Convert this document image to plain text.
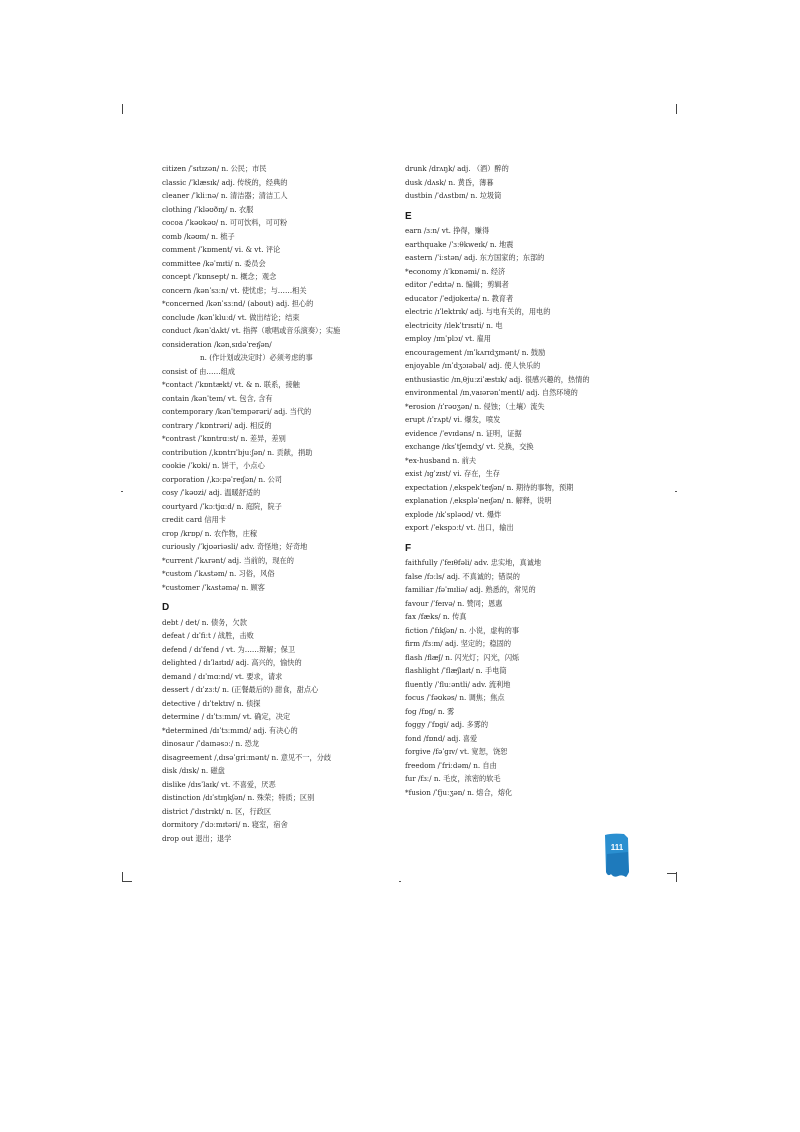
citizen /ˈsɪtɪzən/ n. 公民；市民
classic /ˈklæsɪk/ adj. 传统的，经典的
cleaner /ˈkliːnə/ n. 清洁器；清洁工人
clothing /ˈkləʊðɪŋ/ n. 衣服
cocoa /ˈkəʊkəʊ/ n. 可可饮料，可可粉
comb /kəʊm/ n. 梳子
comment /ˈkɒment/ vi. & vt. 评论
committee /kəˈmɪti/ n. 委员会
concept /ˈkɒnsept/ n. 概念；观念
concern /kənˈsɜːn/ vt. 使忧虑；与……相关
*concerned /kənˈsɜːnd/ (about) adj. 担心的
conclude /kənˈkluːd/ vt. 做出结论；结束
conduct /kənˈdʌkt/ vt. 指挥（歌唱或音乐演奏）；实施
consideration /kənˌsɪdəˈreɪʃən/
n. (作计划或决定时）必须考虑的事
consist of 由……组成
*contact /ˈkɒntækt/ vt. & n. 联系，接触
contain /kənˈteɪn/ vt. 包含, 含有
contemporary /kənˈtempərəri/ adj. 当代的
contrary /ˈkɒntrəri/ adj. 相反的
*contrast /ˈkɒntrɑːst/ n. 差异，差别
contribution /ˌkɒntrɪˈbjuːʃən/ n. 贡献，捐助
cookie /ˈkʊki/ n. 饼干，小点心
corporation /ˌkɔːpəˈreɪʃən/ n. 公司
cosy /ˈkəʊzi/ adj. 温暖舒适的
courtyard /ˈkɔːtjɑːd/ n. 庭院，院子
credit card 信用卡
crop /krɒp/ n. 农作物，庄稼
curiously /ˈkjʊəriəsli/ adv. 奇怪地；好奇地
*current /ˈkʌrənt/ adj. 当前的，现在的
*custom /ˈkʌstəm/ n. 习俗，风俗
*customer /ˈkʌstəmə/ n. 顾客
D
debt / det/ n. 债务，欠款
defeat / dɪˈfiːt / 战胜，击败
defend / dɪˈfend / vt. 为……辩解；保卫
delighted / dɪˈlaɪtɪd/ adj. 高兴的，愉快的
demand / dɪˈmɑːnd/ vt. 要求，请求
dessert / dɪˈzɜːt/ n. (正餐最后的) 甜食，甜点心
detective / dɪˈtektɪv/ n. 侦探
determine / dɪˈtɜːmɪn/ vt. 确定，决定
*determined /dɪˈtɜːmɪnd/ adj. 有决心的
dinosaur /ˈdaɪnəsɔː/ n. 恐龙
disagreement /ˌdɪsəˈgriːmənt/ n. 意见不一，分歧
disk /dɪsk/ n. 磁盘
dislike /dɪsˈlaɪk/ vt. 不喜爱，厌恶
distinction /dɪˈstɪŋkʃən/ n. 殊荣；特质；区别
district /ˈdɪstrɪkt/ n. 区，行政区
dormitory /ˈdɔːmɪtəri/ n. 寝室，宿舍
drop out 退出；退学
drunk /drʌŋk/ adj. （酒）醉的
dusk /dʌsk/ n. 黄昏，薄暮
dustbin /ˈdʌstbɪn/ n. 垃圾筒
E
earn /ɜːn/ vt. 挣得，赚得
earthquake /ˈɜːθkweɪk/ n. 地震
eastern /ˈiːstən/ adj. 东方国家的；东部的
*economy /ɪˈkɒnəmi/ n. 经济
editor /ˈedɪtə/ n. 编辑；剪辑者
educator /ˈedjʊkeɪtə/ n. 教育者
electric /ɪˈlektrɪk/ adj. 与电有关的，用电的
electricity /ɪlekˈtrɪsɪti/ n. 电
employ /ɪmˈplɔɪ/ vt. 雇用
encouragement /ɪnˈkʌrɪdʒmənt/ n. 鼓励
enjoyable /ɪnˈdʒɔɪəbəl/ adj. 使人快乐的
enthusiastic /ɪnˌθjuːziˈæstɪk/ adj. 很感兴趣的，热情的
environmental /ɪnˌvaɪərənˈmentl/ adj. 自然环境的
*erosion /ɪˈrəʊʒən/ n. 侵蚀；（土壤）流失
erupt /ɪˈrʌpt/ vi. 爆发，喷发
evidence /ˈevɪdəns/ n. 证明，证据
exchange /ɪksˈtʃeɪndʒ/ vt. 兑换，交换
*ex-husband n. 前夫
exist /ɪgˈzɪst/ vi. 存在，生存
expectation /ˌekspekˈteɪʃən/ n. 期待的事物，预期
explanation /ˌekspləˈneɪʃən/ n. 解释，说明
explode /ɪkˈspləʊd/ vt. 爆炸
export /ˈekspɔːt/ vt. 出口，输出
F
faithfully /ˈfeɪθfəli/ adv. 忠实地，真诚地
false /fɔːls/ adj. 不真诚的；错误的
familiar /fəˈmɪliə/ adj. 熟悉的，常见的
favour /ˈfeɪvə/ n. 赞同；恩惠
fax /fæks/ n. 传真
fiction /ˈfɪkʃən/ n. 小说，虚构的事
firm /fɜːm/ adj. 坚定的；稳固的
flash /flæʃ/ n. 闪光灯；闪光，闪烁
flashlight /ˈflæʃlaɪt/ n. 手电筒
fluently /ˈfluːəntli/ adv. 流利地
focus /ˈfəʊkəs/ n. 调焦；焦点
fog /fɒg/ n. 雾
foggy /ˈfɒgi/ adj. 多雾的
fond /fɒnd/ adj. 喜爱
forgive /fəˈgɪv/ vt. 宽恕，饶恕
freedom /ˈfriːdəm/ n. 自由
fur /fɜː/ n. 毛皮，浓密的软毛
*fusion /ˈfjuːʒən/ n. 熔合，熔化
111
